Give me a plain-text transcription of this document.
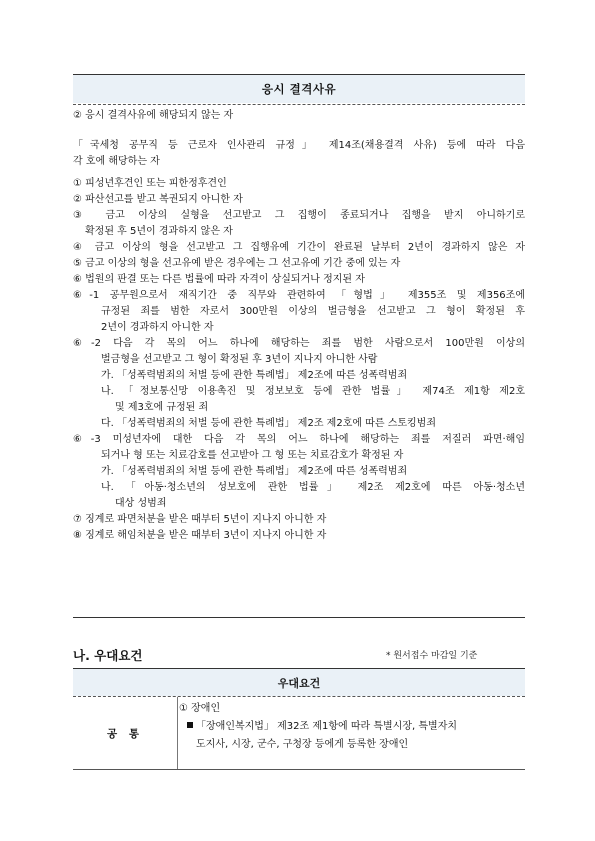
응시 결격사유
② 응시 결격사유에 해당되지 않는 자
「국세청 공무직 등 근로자 인사관리 규정」 제14조(채용결격 사유) 등에 따라 다음
각 호에 해당하는 자
① 피성년후견인 또는 피한정후견인
② 파산선고를 받고 복권되지 아니한 자
③ 금고 이상의 실형을 선고받고 그 집행이 종료되거나 집행을 받지 아니하기로
확정된 후 5년이 경과하지 않은 자
④ 금고 이상의 형을 선고받고 그 집행유예 기간이 완료된 날부터 2년이 경과하지 않은 자
⑤ 금고 이상의 형을 선고유예 받은 경우에는 그 선고유예 기간 중에 있는 자
⑥ 법원의 판결 또는 다른 법률에 따라 자격이 상실되거나 정지된 자
⑥-1 공무원으로서 재직기간 중 직무와 관련하여 「형법」 제355조 및 제356조에
규정된 죄를 범한 자로서 300만원 이상의 벌금형을 선고받고 그 형이 확정된 후
2년이 경과하지 아니한 자
⑥-2 다음 각 목의 어느 하나에 해당하는 죄를 범한 사람으로서 100만원 이상의
벌금형을 선고받고 그 형이 확정된 후 3년이 지나지 아니한 사람
가. 「성폭력범죄의 처벌 등에 관한 특례법」 제2조에 따른 성폭력범죄
나. 「정보통신망 이용촉진 및 정보보호 등에 관한 법률」 제74조 제1항 제2호
및 제3호에 규정된 죄
다. 「성폭력범죄의 처벌 등에 관한 특례법」 제2조 제2호에 따른 스토킹범죄
⑥-3 미성년자에 대한 다음 각 목의 어느 하나에 해당하는 죄를 저질러 파면·해임
되거나 형 또는 치료감호를 선고받아 그 형 또는 치료감호가 확정된 자
가. 「성폭력범죄의 처벌 등에 관한 특례법」 제2조에 따른 성폭력범죄
나. 「아동·청소년의 성보호에 관한 법률」 제2조 제2호에 따른 아동·청소년
대상 성범죄
⑦ 징계로 파면처분을 받은 때부터 5년이 지나지 아니한 자
⑧ 징계로 해임처분을 받은 때부터 3년이 지나지 아니한 자
나. 우대요건	* 원서접수 마감일 기준
우대요건
공 통
① 장애인
「장애인복지법」 제32조 제1항에 따라 특별시장, 특별자치
도지사, 시장, 군수, 구청장 등에게 등록한 장애인
